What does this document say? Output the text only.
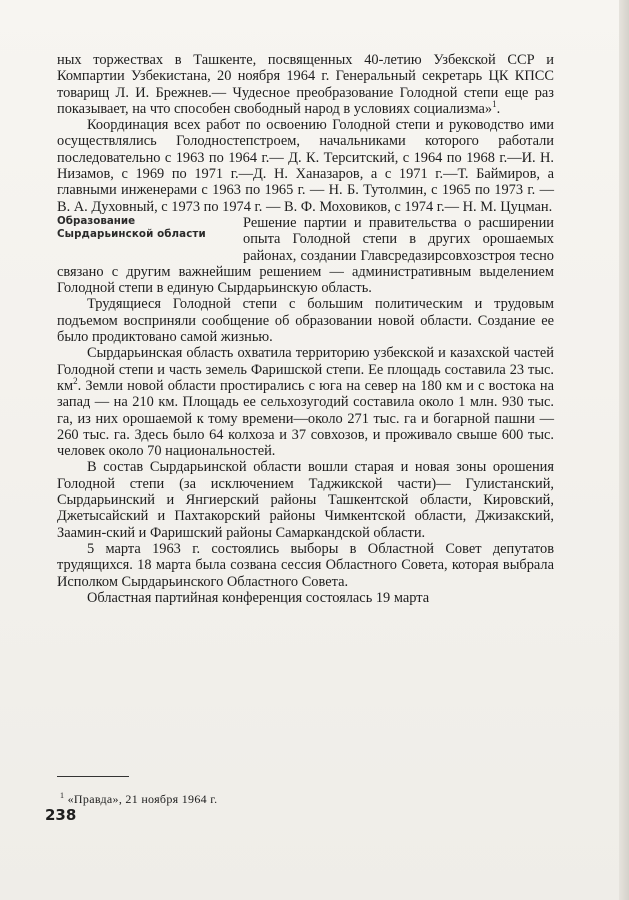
ных торжествах в Ташкенте, посвященных 40-летию Узбекской ССР и Компартии Узбекистана, 20 ноября 1964 г. Генеральный секретарь ЦК КПСС товарищ Л. И. Брежнев.— Чудесное преобразование Голодной степи еще раз показывает, на что способен свободный народ в условиях социализма»$^1$.

Координация всех работ по освоению Голодной степи и руководство ими осуществлялись Голодностепстроем, начальниками которого работали последовательно с 1963 по 1964 г.— Д. К. Терситский, с 1964 по 1968 г.—И. Н. Низамов, с 1969 по 1971 г.—Д. Н. Ханазаров, а с 1971 г.—Т. Баймиров, а главными инженерами с 1963 по 1965 г. — Н. Б. Тутолмин, с 1965 по 1973 г. — В. А. Духовный, с 1973 по 1974 г. — В. Ф. Моховиков, с 1974 г.— Н. М. Цуцман.

Образование
Сырдарьинской области

Решение партии и правительства о расширении опыта Голодной степи в других орошаемых районах, создании Главсредазирсовхозстроя тесно связано с другим важнейшим решением — административным выделением Голодной степи в единую Сырдарьинскую область.

Трудящиеся Голодной степи с большим политическим и трудовым подъемом восприняли сообщение об образовании новой области. Создание ее было продиктовано самой жизнью.

Сырдарьинская область охватила территорию узбекской и казахской частей Голодной степи и часть земель Фаришской степи. Ее площадь составила 23 тыс. $км^2$. Земли новой области простирались с юга на север на 180 км и с востока на запад — на 210 км. Площадь ее сельхозугодий составила около 1 млн. 930 тыс. га, из них орошаемой к тому времени—около 271 тыс. га и богарной пашни — 260 тыс. га. Здесь было 64 колхоза и 37 совхозов, и проживало свыше 600 тыс. человек около 70 национальностей.

В состав Сырдарьинской области вошли старая и новая зоны орошения Голодной степи (за исключением Таджикской части)— Гулистанский, Сырдарьинский и Янгиерский районы Ташкентской области, Кировский, Джетысайский и Пахтакорский районы Чимкентской области, Джизакский, Заамин-ский и Фаришский районы Самаркандской области.

5 марта 1963 г. состоялись выборы в Областной Совет депутатов трудящихся. 18 марта была созвана сессия Областного Совета, которая выбрала Исполком Сырдарьинского Областного Совета.

Областная партийная конференция состоялась 19 марта

$^1$ «Правда», 21 ноября 1964 г.
238
